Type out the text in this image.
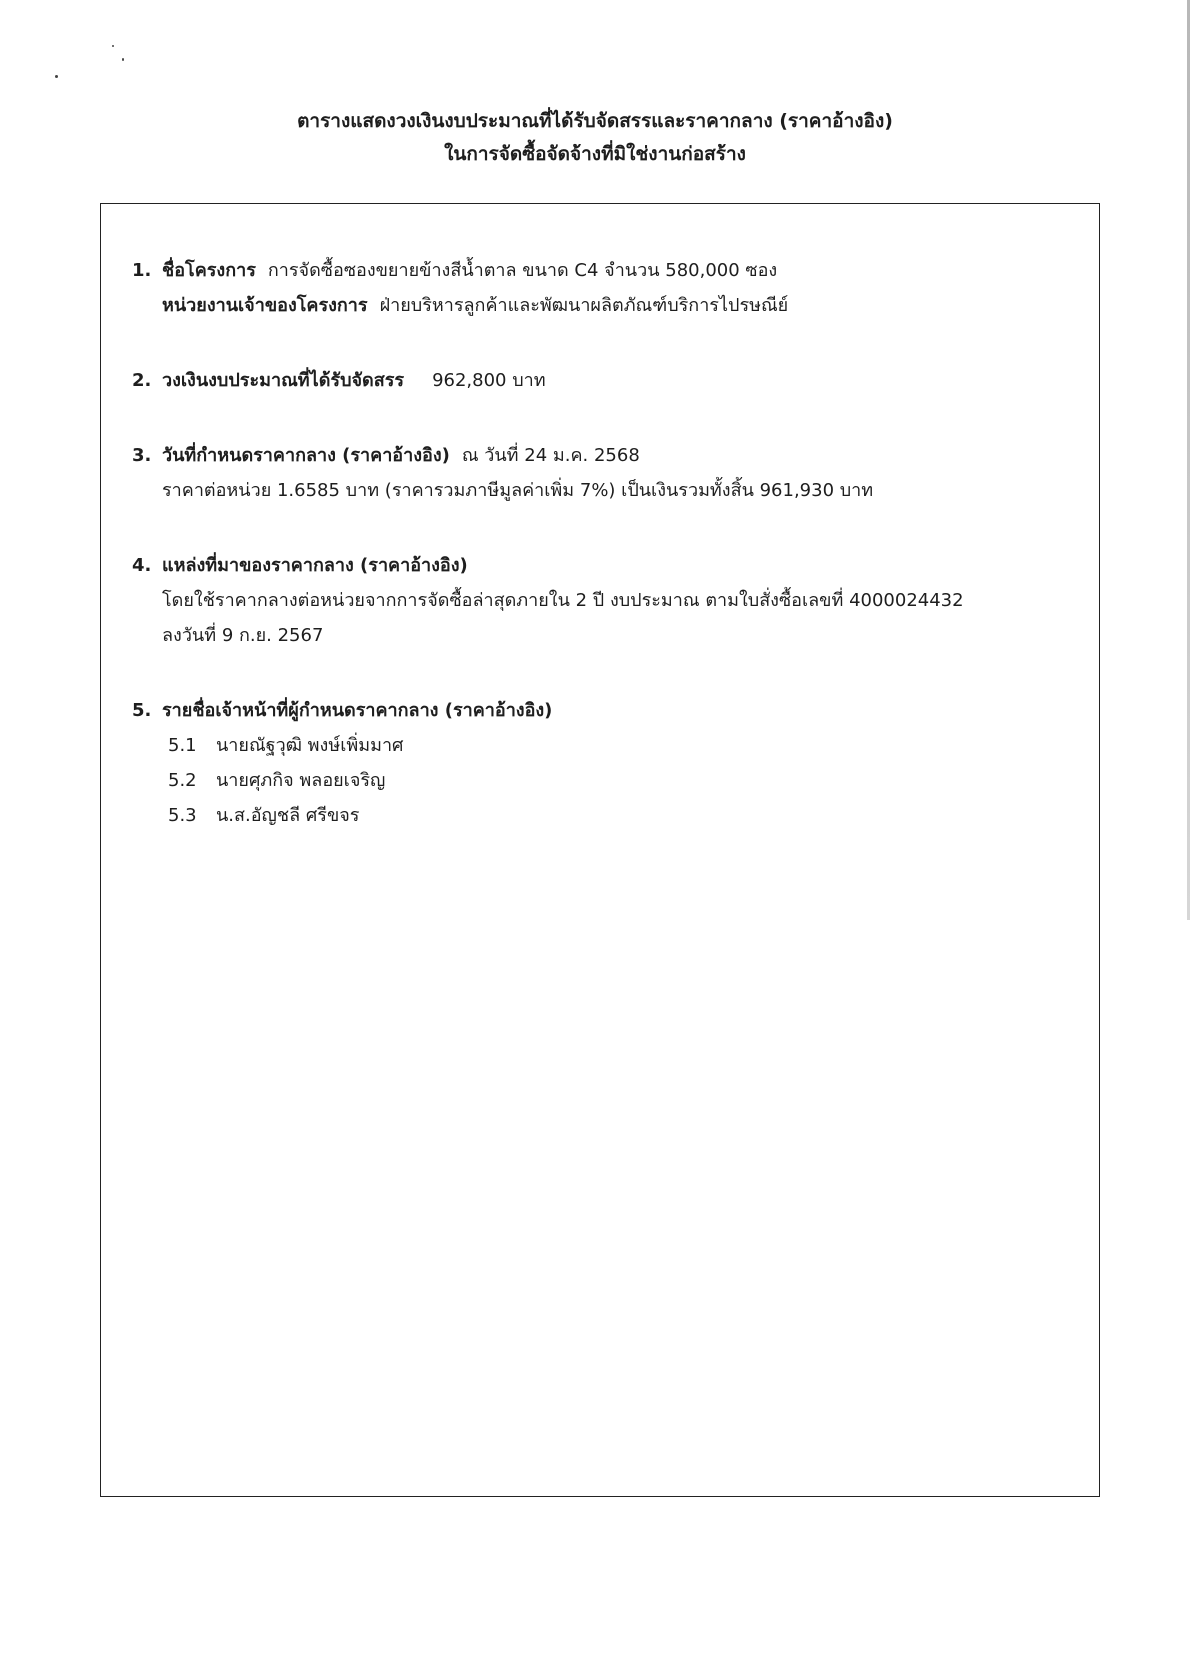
ตารางแสดงวงเงินงบประมาณที่ได้รับจัดสรรและราคากลาง (ราคาอ้างอิง)
ในการจัดซื้อจัดจ้างที่มิใช่งานก่อสร้าง
1. ชื่อโครงการ การจัดซื้อซองขยายข้างสีน้ำตาล ขนาด C4 จำนวน 580,000 ซอง
หน่วยงานเจ้าของโครงการ ฝ่ายบริหารลูกค้าและพัฒนาผลิตภัณฑ์บริการไปรษณีย์
2. วงเงินงบประมาณที่ได้รับจัดสรร 962,800 บาท
3. วันที่กำหนดราคากลาง (ราคาอ้างอิง) ณ วันที่ 24 ม.ค. 2568
ราคาต่อหน่วย 1.6585 บาท (ราคารวมภาษีมูลค่าเพิ่ม 7%) เป็นเงินรวมทั้งสิ้น 961,930 บาท
4. แหล่งที่มาของราคากลาง (ราคาอ้างอิง)
โดยใช้ราคากลางต่อหน่วยจากการจัดซื้อล่าสุดภายใน 2 ปี งบประมาณ ตามใบสั่งซื้อเลขที่ 4000024432
ลงวันที่ 9 ก.ย. 2567
5. รายชื่อเจ้าหน้าที่ผู้กำหนดราคากลาง (ราคาอ้างอิง)
5.1 นายณัฐวุฒิ พงษ์เพิ่มมาศ
5.2 นายศุภกิจ พลอยเจริญ
5.3 น.ส.อัญชลี ศรีขจร
